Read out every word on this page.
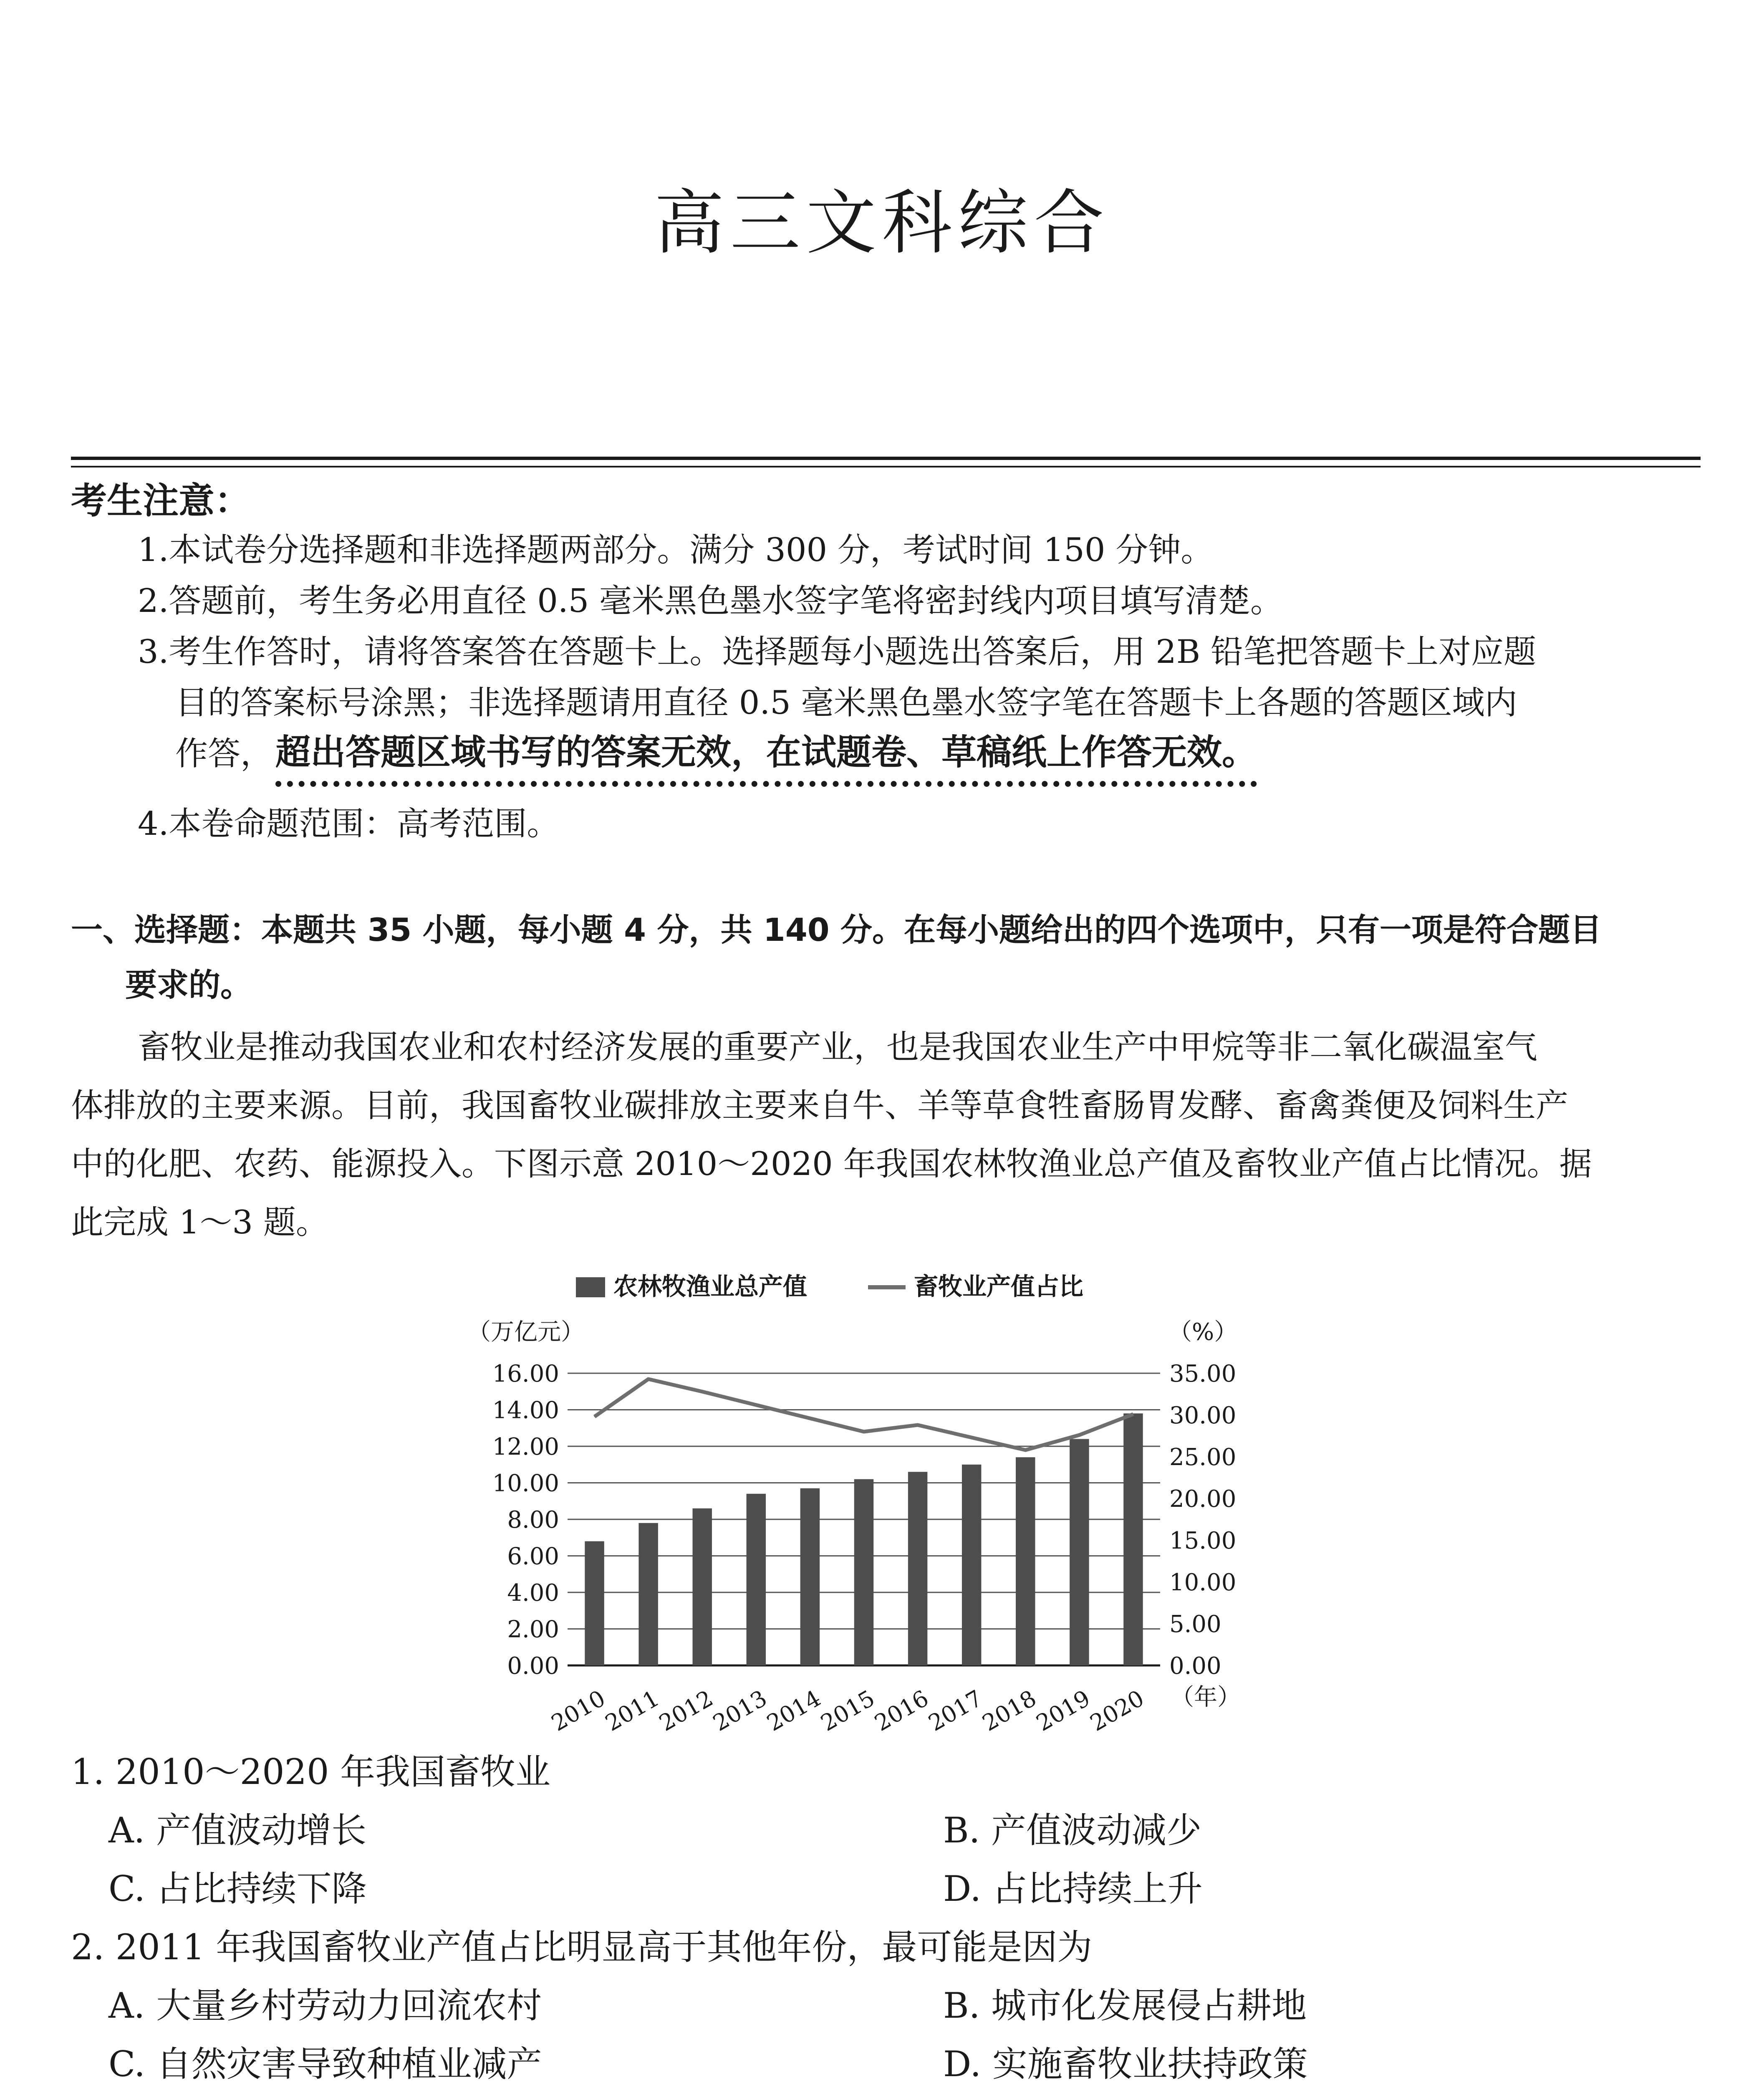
高三文科综合
考生注意：
1.本试卷分选择题和非选择题两部分。满分 300 分，考试时间 150 分钟。
2.答题前，考生务必用直径 0.5 毫米黑色墨水签字笔将密封线内项目填写清楚。
3.考生作答时，请将答案答在答题卡上。选择题每小题选出答案后，用 2B 铅笔把答题卡上对应题
目的答案标号涂黑；非选择题请用直径 0.5 毫米黑色墨水签字笔在答题卡上各题的答题区域内
作答， 超出答题区域书写的答案无效，在试题卷、草稿纸上作答无效。
4.本卷命题范围：高考范围。
一、选择题：本题共 35 小题，每小题 4 分，共 140 分。在每小题给出的四个选项中，只有一项是符合题目
要求的。
畜牧业是推动我国农业和农村经济发展的重要产业，也是我国农业生产中甲烷等非二氧化碳温室气
体排放的主要来源。目前，我国畜牧业碳排放主要来自牛、羊等草食牲畜肠胃发酵、畜禽粪便及饲料生产
中的化肥、农药、能源投入。下图示意 2010～2020 年我国农林牧渔业总产值及畜牧业产值占比情况。据
此完成 1～3 题。
农林牧渔业总产值	畜牧业产值占比
（万亿元）	（%）
0.00
2.00
4.00
6.00
8.00
10.00
12.00
14.00
16.00
0.00
5.00
10.00
15.00
20.00
25.00
30.00
35.00
2010
2011
2012
2013
2014
2015
2016
2017
2018
2019
2020 （年）
1. 2010～2020 年我国畜牧业
A. 产值波动增长	B. 产值波动减少
C. 占比持续下降	D. 占比持续上升
2. 2011 年我国畜牧业产值占比明显高于其他年份，最可能是因为
A. 大量乡村劳动力回流农村	B. 城市化发展侵占耕地
C. 自然灾害导致种植业减产	D. 实施畜牧业扶持政策
